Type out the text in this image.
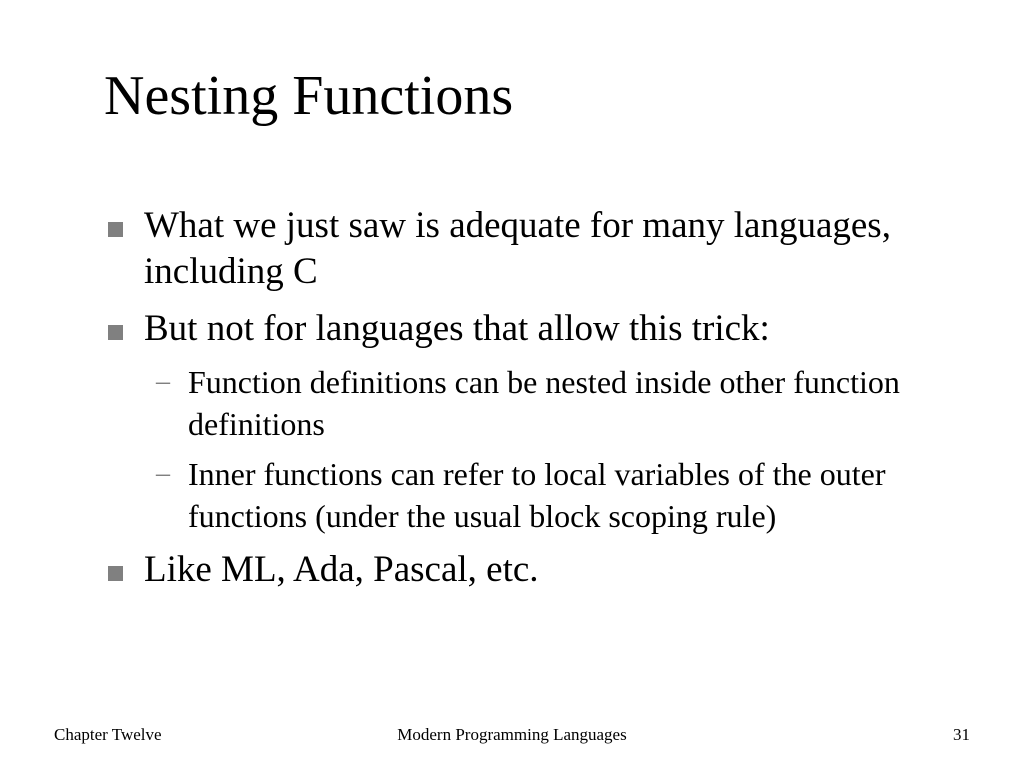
Nesting Functions
What we just saw is adequate for many languages, including C
But not for languages that allow this trick:
– Function definitions can be nested inside other function definitions
– Inner functions can refer to local variables of the outer functions (under the usual block scoping rule)
Like ML, Ada, Pascal, etc.
Chapter Twelve	Modern Programming Languages	31
